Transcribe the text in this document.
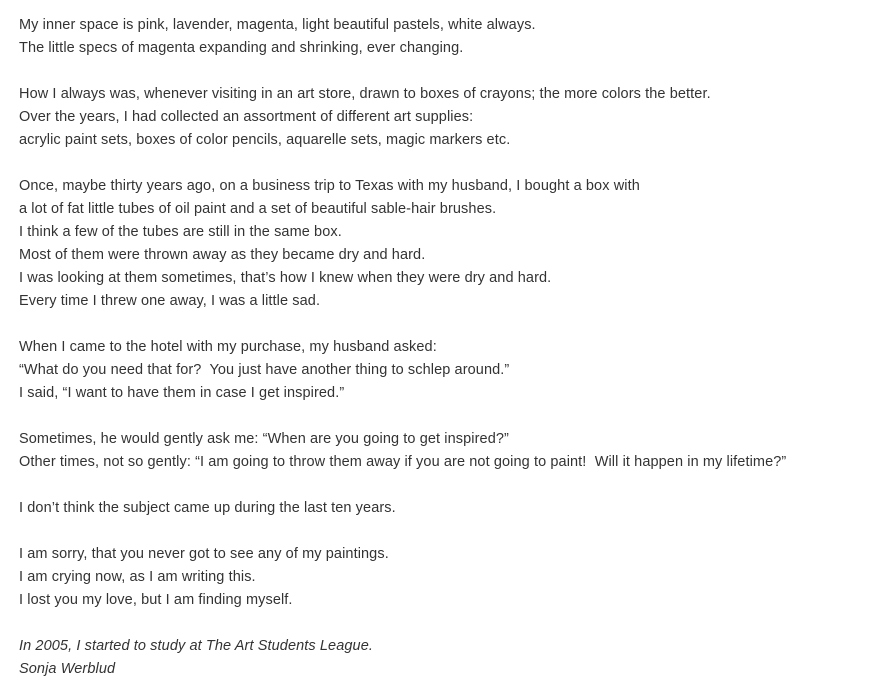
My inner space is pink, lavender, magenta, light beautiful pastels, white always.
The little specs of magenta expanding and shrinking, ever changing.
How I always was, whenever visiting in an art store, drawn to boxes of crayons; the more colors the better.
Over the years, I had collected an assortment of different art supplies:
acrylic paint sets, boxes of color pencils, aquarelle sets, magic markers etc.
Once, maybe thirty years ago, on a business trip to Texas with my husband, I bought a box with
a lot of fat little tubes of oil paint and a set of beautiful sable-hair brushes.
I think a few of the tubes are still in the same box.
Most of them were thrown away as they became dry and hard.
I was looking at them sometimes, that’s how I knew when they were dry and hard.
Every time I threw one away, I was a little sad.
When I came to the hotel with my purchase, my husband asked:
“What do you need that for?  You just have another thing to schlep around.”
I said, “I want to have them in case I get inspired.”
Sometimes, he would gently ask me: “When are you going to get inspired?”
Other times, not so gently: “I am going to throw them away if you are not going to paint!  Will it happen in my lifetime?”
I don’t think the subject came up during the last ten years.
I am sorry, that you never got to see any of my paintings.
I am crying now, as I am writing this.
I lost you my love, but I am finding myself.
In 2005, I started to study at The Art Students League.
Sonja Werblud
